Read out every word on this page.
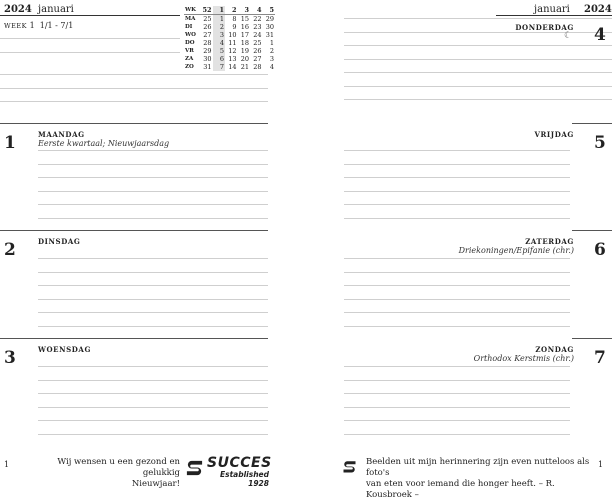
2024 januari
WEEK 1 1/1 - 7/1
WK	52	1	2	3	4	5
MA	25	1	8	15	22	29
DI	26	2	9	16	23	30
WO	27	3	10	17	24	31
DO	28	4	11	18	25	1
VR	29	5	12	19	26	2
ZA	30	6	13	20	27	3
ZO	31	7	14	21	28	4
1	MAANDAG
Eerste kwartaal; Nieuwjaarsdag
2	DINSDAG
3	WOENSDAG
1	Wij wensen u een gezond en gelukkig
Nieuwjaar!
SUCCES
Established 1928
januari 2024
DONDERDAG
☾ 4
VRIJDAG 5
ZATERDAG
Driekoningen/Epifanie (chr.) 6
ZONDAG
Orthodox Kerstmis (chr.) 7
Beelden uit mijn herinnering zijn even nutteloos als foto's
van eten voor iemand die honger heeft. – R. Kousbroek –
1
